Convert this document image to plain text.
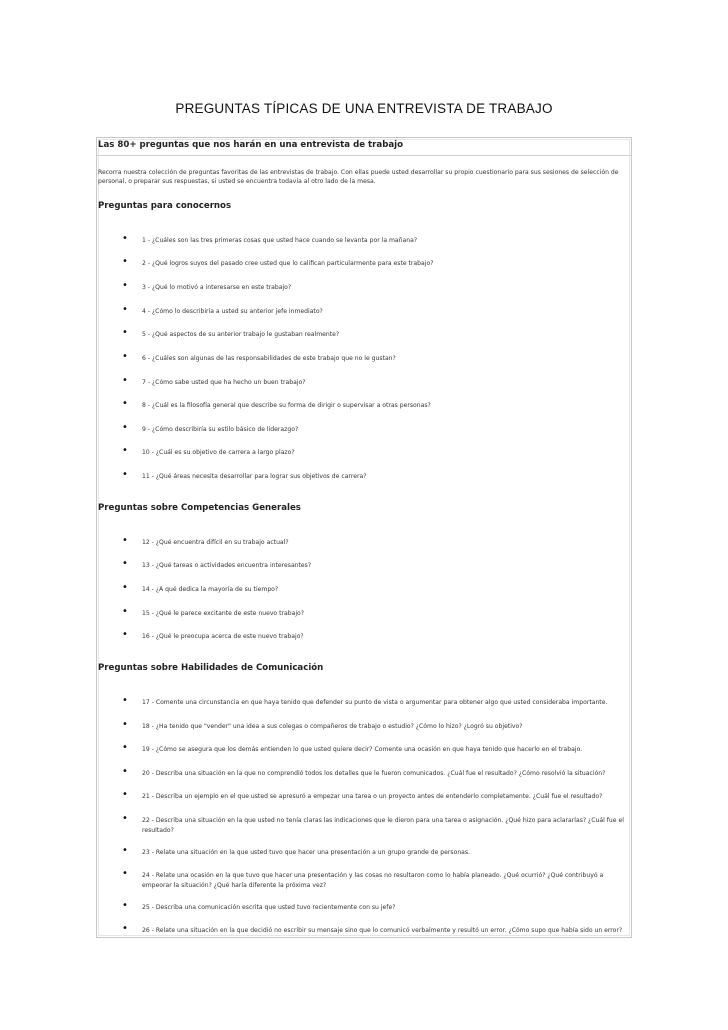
PREGUNTAS TÍPICAS DE UNA ENTREVISTA DE TRABAJO
Las 80+ preguntas que nos harán en una entrevista de trabajo
Recorra nuestra colección de preguntas favoritas de las entrevistas de trabajo. Con ellas puede usted desarrollar su propio cuestionario para sus sesiones de selección de personal, o preparar sus respuestas, si usted se encuentra todavía al otro lado de la mesa.
Preguntas para conocernos
• 1 - ¿Cuáles son las tres primeras cosas que usted hace cuando se levanta por la mañana?
• 2 - ¿Qué logros suyos del pasado cree usted que lo califican particularmente para este trabajo?
• 3 - ¿Qué lo motivó a interesarse en este trabajo?
• 4 - ¿Cómo lo describiría a usted su anterior jefe inmediato?
• 5 - ¿Qué aspectos de su anterior trabajo le gustaban realmente?
• 6 - ¿Cuáles son algunas de las responsabilidades de este trabajo que no le gustan?
• 7 - ¿Cómo sabe usted que ha hecho un buen trabajo?
• 8 - ¿Cuál es la filosofía general que describe su forma de dirigir o supervisar a otras personas?
• 9 - ¿Cómo describiría su estilo básico de liderazgo?
• 10 - ¿Cuál es su objetivo de carrera a largo plazo?
• 11 - ¿Qué áreas necesita desarrollar para lograr sus objetivos de carrera?
Preguntas sobre Competencias Generales
• 12 - ¿Qué encuentra difícil en su trabajo actual?
• 13 - ¿Qué tareas o actividades encuentra interesantes?
• 14 - ¿A qué dedica la mayoría de su tiempo?
• 15 - ¿Qué le parece excitante de este nuevo trabajo?
• 16 - ¿Qué le preocupa acerca de este nuevo trabajo?
Preguntas sobre Habilidades de Comunicación
• 17 - Comente una circunstancia en que haya tenido que defender su punto de vista o argumentar para obtener algo que usted consideraba importante.
• 18 - ¿Ha tenido que "vender" una idea a sus colegas o compañeros de trabajo o estudio? ¿Cómo lo hizo? ¿Logró su objetivo?
• 19 - ¿Cómo se asegura que los demás entienden lo que usted quiere decir? Comente una ocasión en que haya tenido que hacerlo en el trabajo.
• 20 - Describa una situación en la que no comprendió todos los detalles que le fueron comunicados. ¿Cuál fue el resultado? ¿Cómo resolvió la situación?
• 21 - Describa un ejemplo en el que usted se apresuró a empezar una tarea o un proyecto antes de entenderlo completamente. ¿Cuál fue el resultado?
• 22 - Describa una situación en la que usted no tenía claras las indicaciones que le dieron para una tarea o asignación. ¿Qué hizo para aclararlas? ¿Cuál fue el resultado?
• 23 - Relate una situación en la que usted tuvo que hacer una presentación a un grupo grande de personas.
• 24 - Relate una ocasión en la que tuvo que hacer una presentación y las cosas no resultaron como lo había planeado. ¿Qué ocurrió? ¿Qué contribuyó a empeorar la situación? ¿Qué haría diferente la próxima vez?
• 25 - Describa una comunicación escrita que usted tuvo recientemente con su jefe?
• 26 - Relate una situación en la que decidió no escribir su mensaje sino que lo comunicó verbalmente y resultó un error. ¿Cómo supo que había sido un error?
